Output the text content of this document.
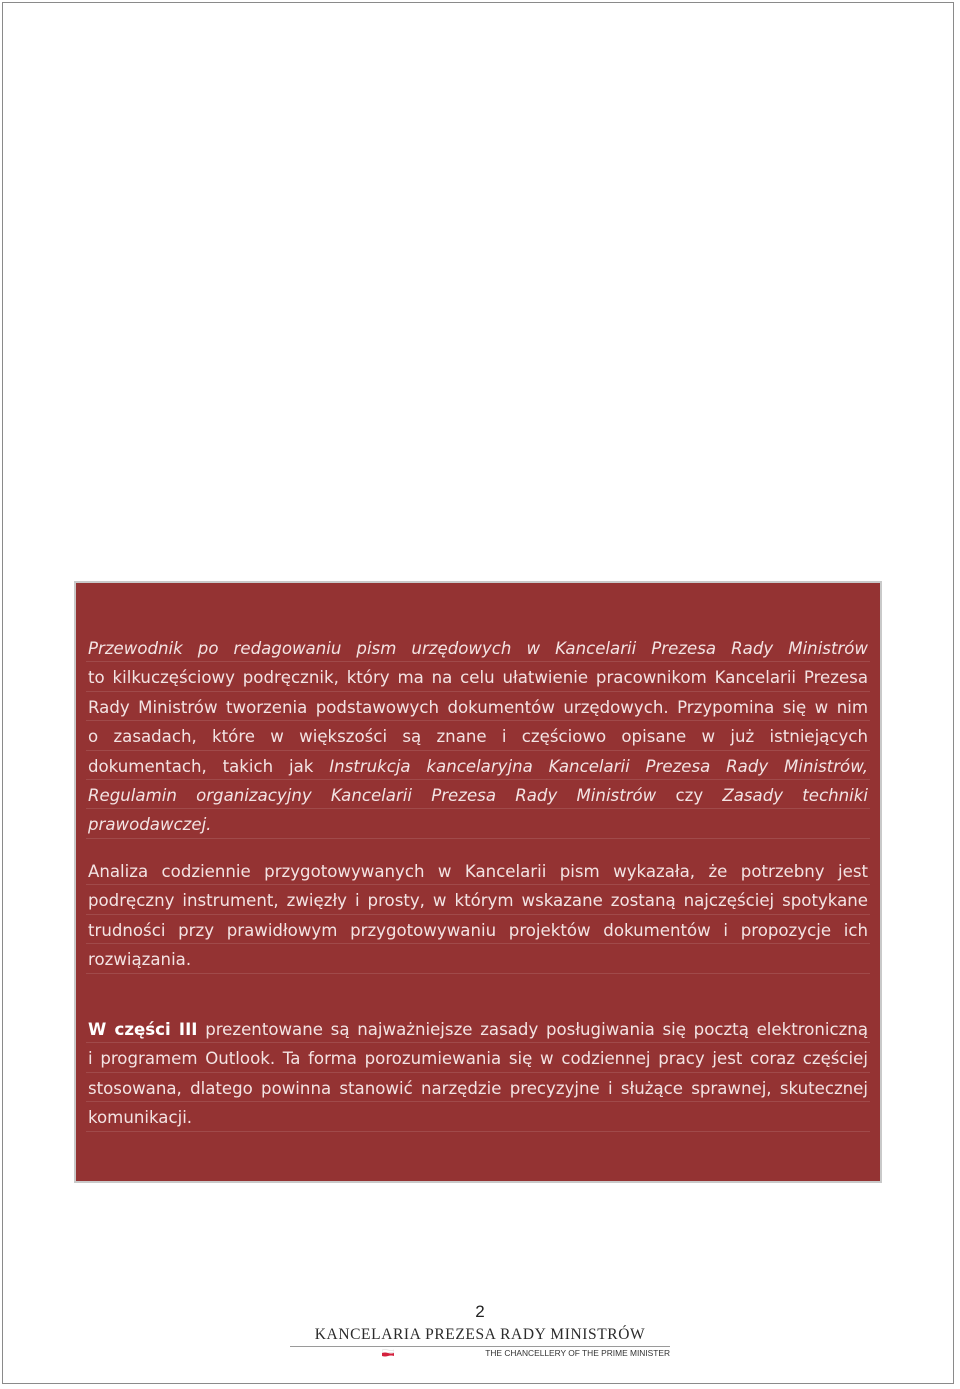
Przewodnik po redagowaniu pism urzędowych w Kancelarii Prezesa Rady Ministrów
to kilkuczęściowy podręcznik, który ma na celu ułatwienie pracownikom Kancelarii Prezesa
Rady Ministrów tworzenia podstawowych dokumentów urzędowych. Przypomina się w nim
o zasadach, które w większości są znane i częściowo opisane w już istniejących
dokumentach, takich jak Instrukcja kancelaryjna Kancelarii Prezesa Rady Ministrów,
Regulamin organizacyjny Kancelarii Prezesa Rady Ministrów czy Zasady techniki
prawodawczej.
Analiza codziennie przygotowywanych w Kancelarii pism wykazała, że potrzebny jest
podręczny instrument, zwięzły i prosty, w którym wskazane zostaną najczęściej spotykane
trudności przy prawidłowym przygotowywaniu projektów dokumentów i propozycje ich
rozwiązania.
W części III prezentowane są najważniejsze zasady posługiwania się pocztą elektroniczną
i programem Outlook. Ta forma porozumiewania się w codziennej pracy jest coraz częściej
stosowana, dlatego powinna stanowić narzędzie precyzyjne i służące sprawnej, skutecznej
komunikacji.
2
KANCELARIA PREZESA RADY MINISTRÓW
THE CHANCELLERY OF THE PRIME MINISTER
